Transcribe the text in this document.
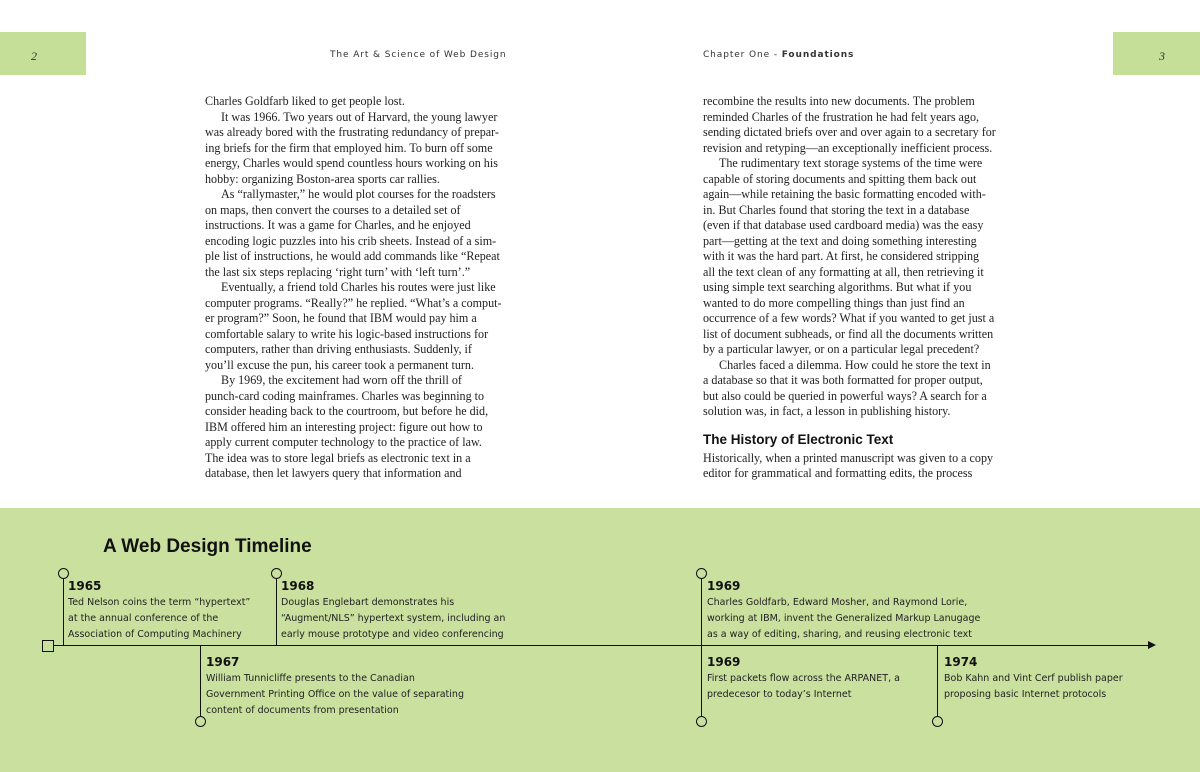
2	3
The Art & Science of Web Design	Chapter One - Foundations
Charles Goldfarb liked to get people lost.
It was 1966. Two years out of Harvard, the young lawyer
was already bored with the frustrating redundancy of prepar-
ing briefs for the firm that employed him. To burn off some
energy, Charles would spend countless hours working on his
hobby: organizing Boston-area sports car rallies.
As “rallymaster,” he would plot courses for the roadsters
on maps, then convert the courses to a detailed set of
instructions. It was a game for Charles, and he enjoyed
encoding logic puzzles into his crib sheets. Instead of a sim-
ple list of instructions, he would add commands like “Repeat
the last six steps replacing ‘right turn’ with ‘left turn’.”
Eventually, a friend told Charles his routes were just like
computer programs. “Really?” he replied. “What’s a comput-
er program?” Soon, he found that IBM would pay him a
comfortable salary to write his logic-based instructions for
computers, rather than driving enthusiasts. Suddenly, if
you’ll excuse the pun, his career took a permanent turn.
By 1969, the excitement had worn off the thrill of
punch-card coding mainframes. Charles was beginning to
consider heading back to the courtroom, but before he did,
IBM offered him an interesting project: figure out how to
apply current computer technology to the practice of law.
The idea was to store legal briefs as electronic text in a
database, then let lawyers query that information and
recombine the results into new documents. The problem
reminded Charles of the frustration he had felt years ago,
sending dictated briefs over and over again to a secretary for
revision and retyping—an exceptionally inefficient process.
The rudimentary text storage systems of the time were
capable of storing documents and spitting them back out
again—while retaining the basic formatting encoded with-
in. But Charles found that storing the text in a database
(even if that database used cardboard media) was the easy
part—getting at the text and doing something interesting
with it was the hard part. At first, he considered stripping
all the text clean of any formatting at all, then retrieving it
using simple text searching algorithms. But what if you
wanted to do more compelling things than just find an
occurrence of a few words? What if you wanted to get just a
list of document subheads, or find all the documents written
by a particular lawyer, or on a particular legal precedent?
Charles faced a dilemma. How could he store the text in
a database so that it was both formatted for proper output,
but also could be queried in powerful ways? A search for a
solution was, in fact, a lesson in publishing history.
The History of Electronic Text
Historically, when a printed manuscript was given to a copy
editor for grammatical and formatting edits, the process
A Web Design Timeline
1965
Ted Nelson coins the term “hypertext”
at the annual conference of the
Association of Computing Machinery
1968
Douglas Englebart demonstrates his
“Augment/NLS” hypertext system, including an
early mouse prototype and video conferencing
1969
Charles Goldfarb, Edward Mosher, and Raymond Lorie,
working at IBM, invent the Generalized Markup Lanugage
as a way of editing, sharing, and reusing electronic text
1967
William Tunnicliffe presents to the Canadian
Government Printing Office on the value of separating
content of documents from presentation
1969
First packets flow across the ARPANET, a
predecesor to today’s Internet
1974
Bob Kahn and Vint Cerf publish paper
proposing basic Internet protocols
